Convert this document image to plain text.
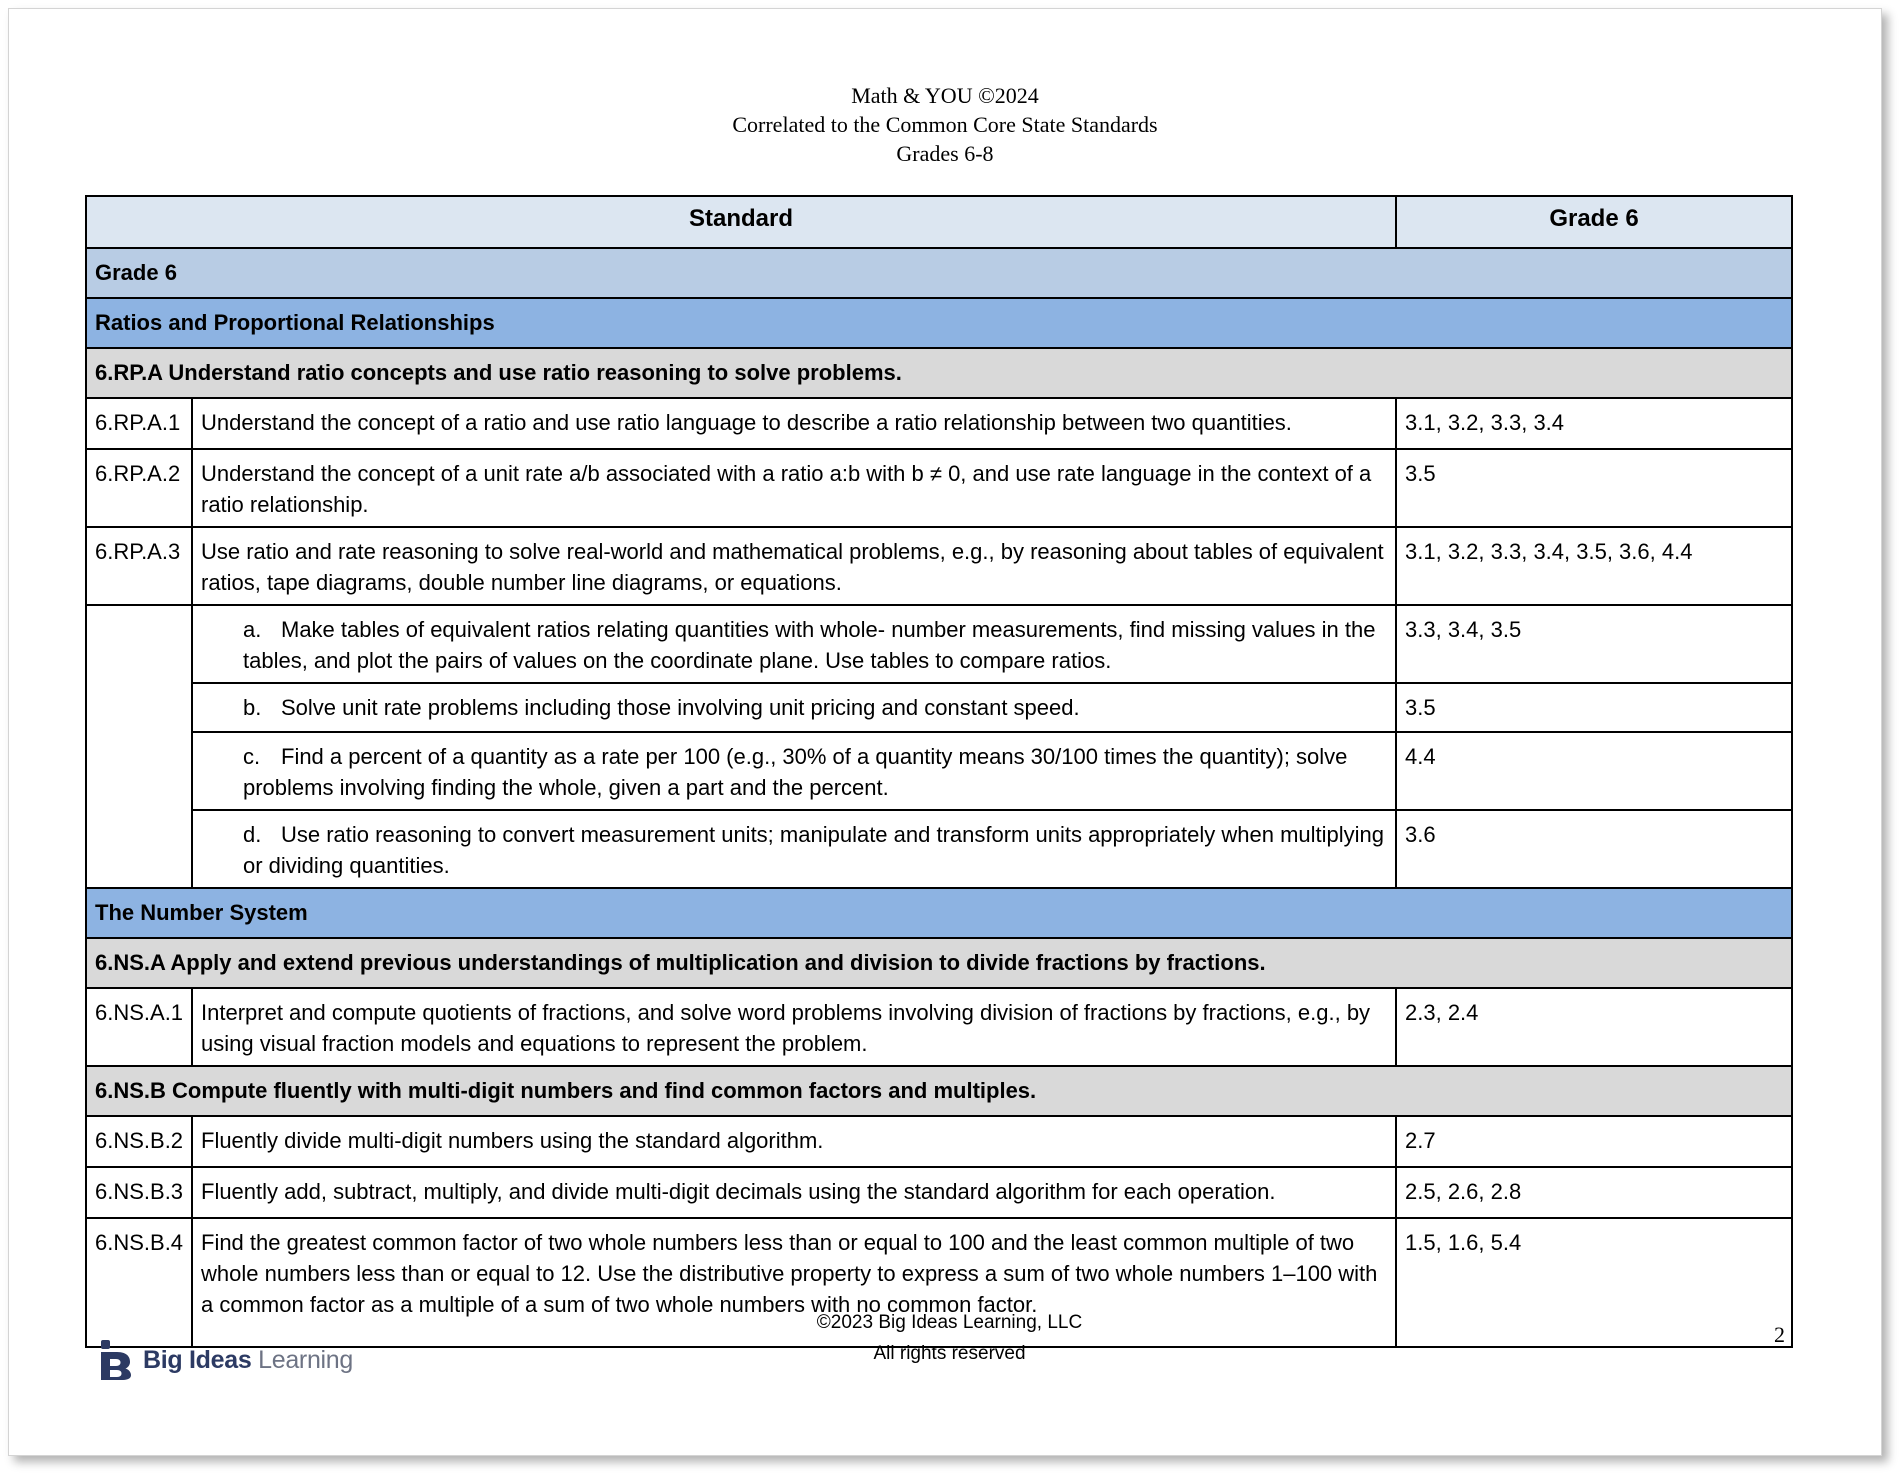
Math & YOU ©2024
Correlated to the Common Core State Standards
Grades 6-8
Standard		Grade 6
Grade 6		
Ratios and Proportional Relationships		
6.RP.A Understand ratio concepts and use ratio reasoning to solve problems.		
6.RP.A.1	Understand the concept of a ratio and use ratio language to describe a ratio relationship between two quantities.	3.1, 3.2, 3.3, 3.4
6.RP.A.2	Understand the concept of a unit rate a/b associated with a ratio a:b with b ≠ 0, and use rate language in the context of a ratio relationship.	3.5
6.RP.A.3	Use ratio and rate reasoning to solve real-world and mathematical problems, e.g., by reasoning about tables of equivalent ratios, tape diagrams, double number line diagrams, or equations.	3.1, 3.2, 3.3, 3.4, 3.5, 3.6, 4.4
	a. Make tables of equivalent ratios relating quantities with whole- number measurements, find missing values in the tables, and plot the pairs of values on the coordinate plane. Use tables to compare ratios.	3.3, 3.4, 3.5
	b. Solve unit rate problems including those involving unit pricing and constant speed.	3.5
	c. Find a percent of a quantity as a rate per 100 (e.g., 30% of a quantity means 30/100 times the quantity); solve problems involving finding the whole, given a part and the percent.	4.4
	d. Use ratio reasoning to convert measurement units; manipulate and transform units appropriately when multiplying or dividing quantities.	3.6
The Number System		
6.NS.A Apply and extend previous understandings of multiplication and division to divide fractions by fractions.		
6.NS.A.1	Interpret and compute quotients of fractions, and solve word problems involving division of fractions by fractions, e.g., by using visual fraction models and equations to represent the problem.	2.3, 2.4
6.NS.B Compute fluently with multi-digit numbers and find common factors and multiples.		
6.NS.B.2	Fluently divide multi-digit numbers using the standard algorithm.	2.7
6.NS.B.3	Fluently add, subtract, multiply, and divide multi-digit decimals using the standard algorithm for each operation.	2.5, 2.6, 2.8
6.NS.B.4	Find the greatest common factor of two whole numbers less than or equal to 100 and the least common multiple of two whole numbers less than or equal to 12. Use the distributive property to express a sum of two whole numbers 1–100 with a common factor as a multiple of a sum of two whole numbers with no common factor.	1.5, 1.6, 5.4
©2023 Big Ideas Learning, LLC
All rights reserved
2
Big Ideas Learning
